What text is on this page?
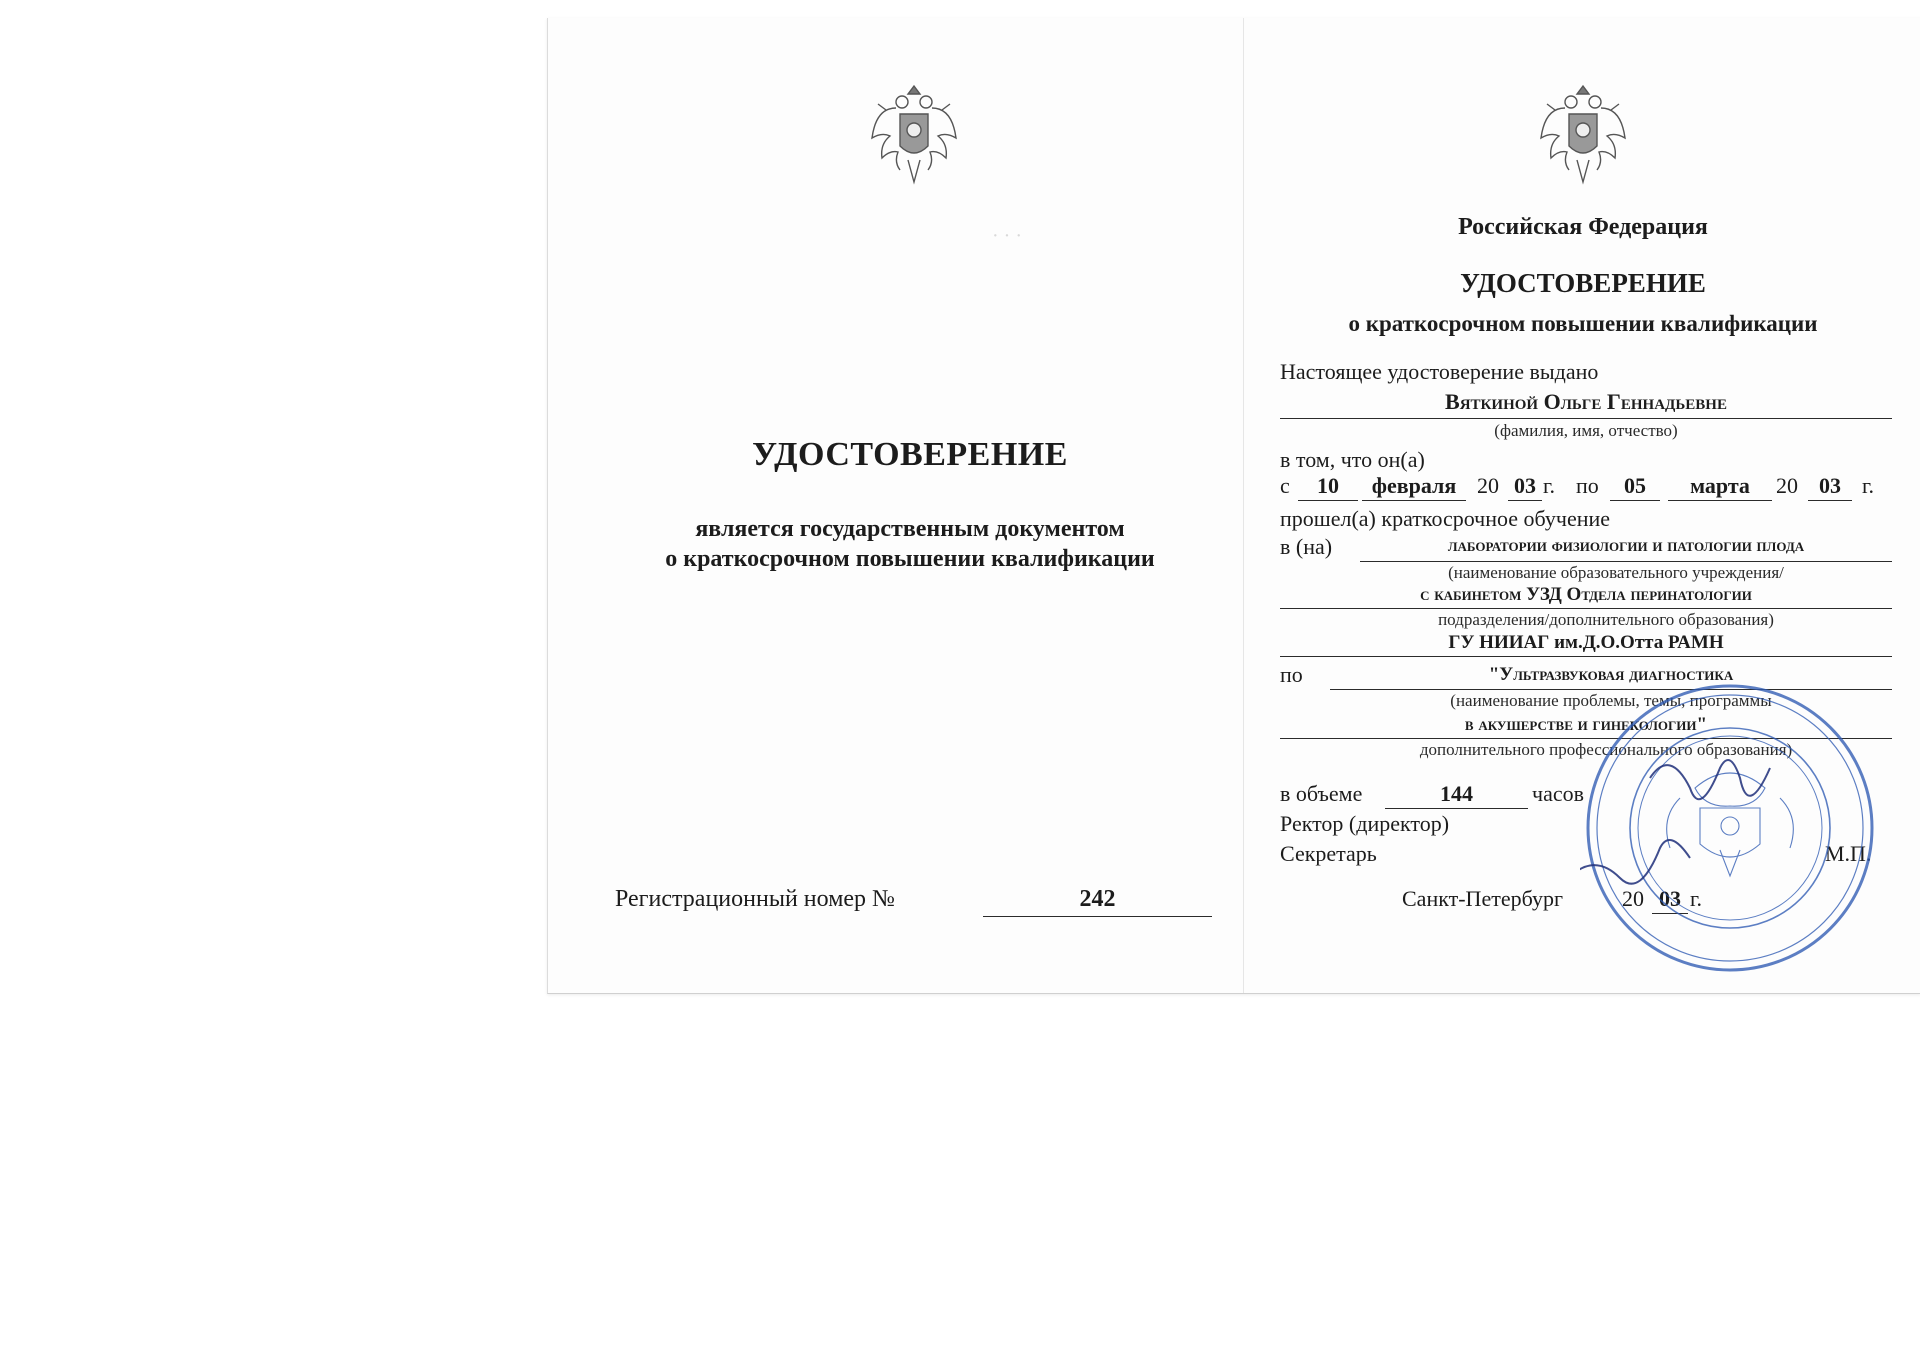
· · ·
УДОСТОВЕРЕНИЕ
является государственным документом
о краткосрочном повышении квалификации
Регистрационный номер №	242
Российская Федерация
УДОСТОВЕРЕНИЕ
о краткосрочном повышении квалификации
Настоящее удостоверение выдано
Вяткиной Ольге Геннадьевне
(фамилия, имя, отчество)
в том, что он(а)
с	10	февраля 20 03 г. по	05	марта	20 03 г.
прошел(а) краткосрочное обучение
в (на)	лаборатории физиологии и патологии плода
(наименование образовательного учреждения/
с кабинетом УЗД Отдела перинатологии
подразделения/дополнительного образования)
ГУ НИИАГ им.Д.О.Отта РАМН
по	"Ультразвуковая диагностика
(наименование проблемы, темы, программы
в акушерстве и гинекологии"
дополнительного профессионального образования)
в объеме	144	часов
Ректор (директор)
Секретарь	М.П.
Санкт-Петербург	20 03 г.
